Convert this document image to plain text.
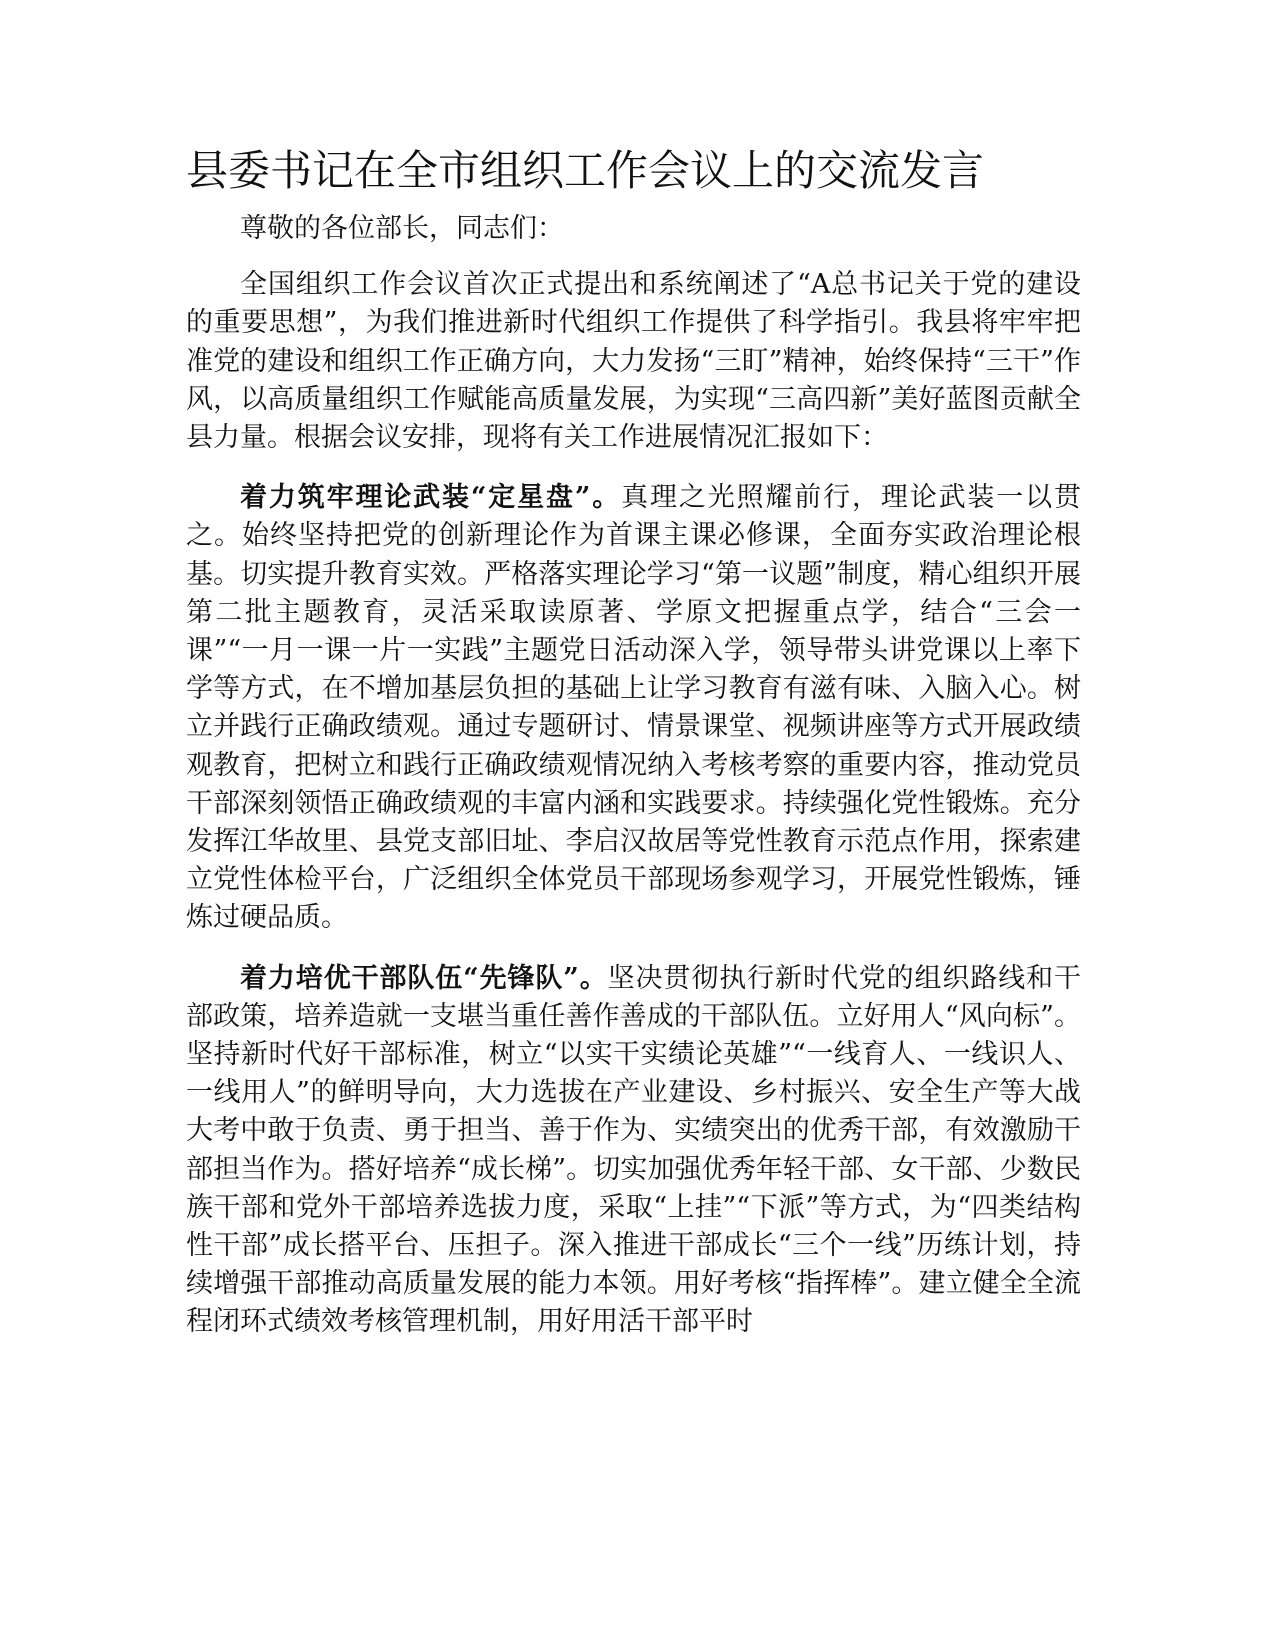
县委书记在全市组织工作会议上的交流发言

尊敬的各位部长，同志们：

全国组织工作会议首次正式提出和系统阐述了“A总书记关于党的建设的重要思想”，为我们推进新时代组织工作提供了科学指引。我县将牢牢把准党的建设和组织工作正确方向，大力发扬“三盯”精神，始终保持“三干”作风，以高质量组织工作赋能高质量发展，为实现“三高四新”美好蓝图贡献全县力量。根据会议安排，现将有关工作进展情况汇报如下：

着力筑牢理论武装“定星盘”。真理之光照耀前行，理论武装一以贯之。始终坚持把党的创新理论作为首课主课必修课，全面夯实政治理论根基。切实提升教育实效。严格落实理论学习“第一议题”制度，精心组织开展第二批主题教育，灵活采取读原著、学原文把握重点学，结合“三会一课”“一月一课一片一实践”主题党日活动深入学，领导带头讲党课以上率下学等方式，在不增加基层负担的基础上让学习教育有滋有味、入脑入心。树立并践行正确政绩观。通过专题研讨、情景课堂、视频讲座等方式开展政绩观教育，把树立和践行正确政绩观情况纳入考核考察的重要内容，推动党员干部深刻领悟正确政绩观的丰富内涵和实践要求。持续强化党性锻炼。充分发挥江华故里、县党支部旧址、李启汉故居等党性教育示范点作用，探索建立党性体检平台，广泛组织全体党员干部现场参观学习，开展党性锻炼，锤炼过硬品质。

着力培优干部队伍“先锋队”。坚决贯彻执行新时代党的组织路线和干部政策，培养造就一支堪当重任善作善成的干部队伍。立好用人“风向标”。坚持新时代好干部标准，树立“以实干实绩论英雄”“一线育人、一线识人、一线用人”的鲜明导向，大力选拔在产业建设、乡村振兴、安全生产等大战大考中敢于负责、勇于担当、善于作为、实绩突出的优秀干部，有效激励干部担当作为。搭好培养“成长梯”。切实加强优秀年轻干部、女干部、少数民族干部和党外干部培养选拔力度，采取“上挂”“下派”等方式，为“四类结构性干部”成长搭平台、压担子。深入推进干部成长“三个一线”历练计划，持续增强干部推动高质量发展的能力本领。用好考核“指挥棒”。建立健全全流程闭环式绩效考核管理机制，用好用活干部平时
